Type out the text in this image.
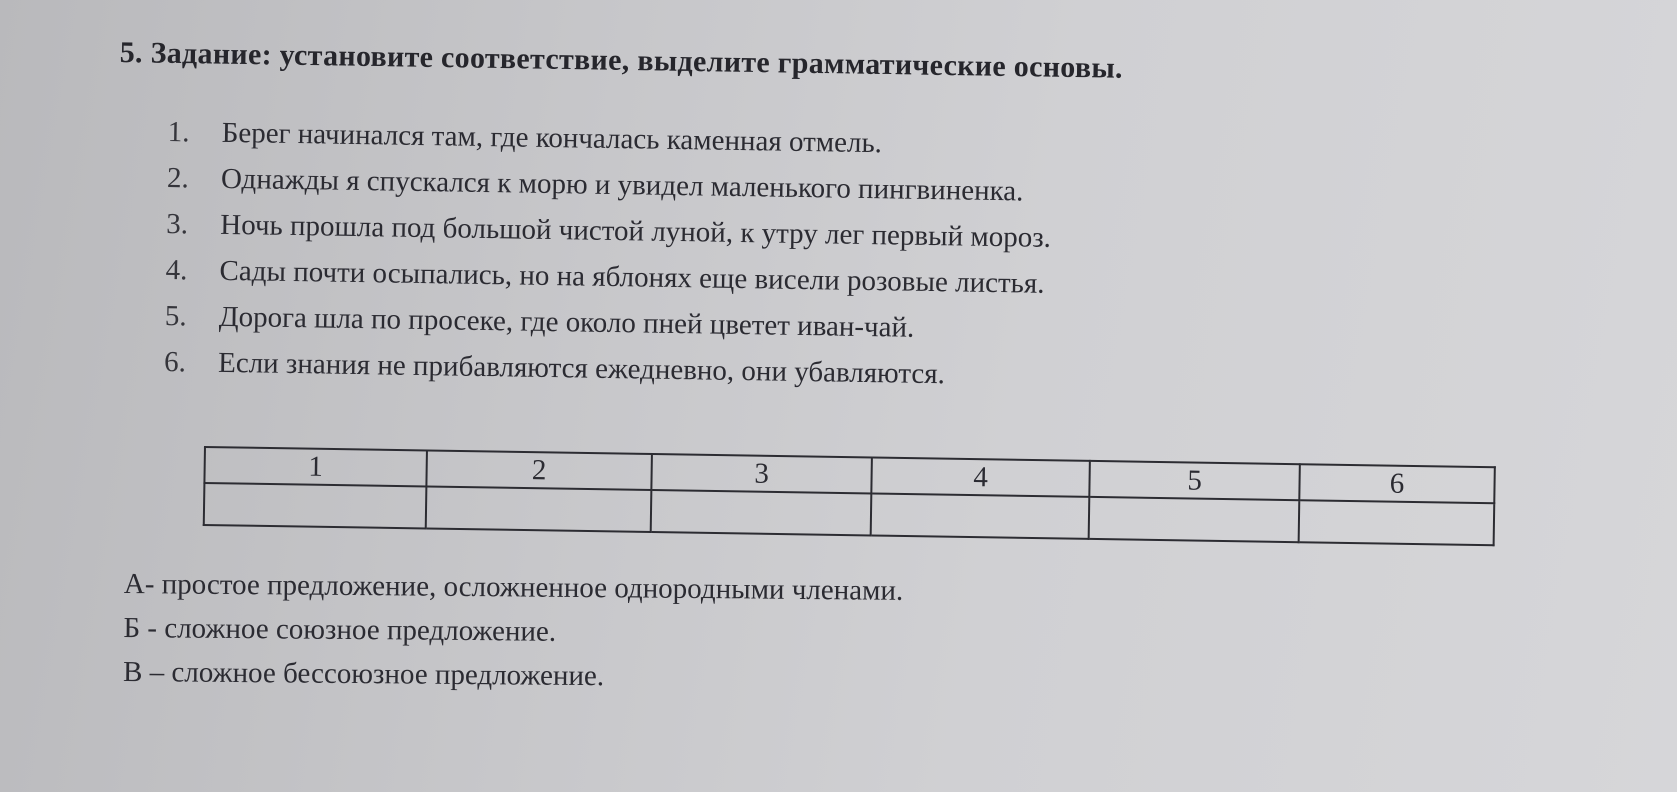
5. Задание: установите соответствие, выделите грамматические основы.
1. Берег начинался там, где кончалась каменная отмель.
2. Однажды я спускался к морю и увидел маленького пингвиненка.
3. Ночь прошла под большой чистой луной, к утру лег первый мороз.
4. Сады почти осыпались, но на яблонях еще висели розовые листья.
5. Дорога шла по просеке, где около пней цветет иван-чай.
6. Если знания не прибавляются ежедневно, они убавляются.
1	2	3	4	5	6

А- простое предложение, осложненное однородными членами.
Б - сложное союзное предложение.
В – сложное бессоюзное предложение.
